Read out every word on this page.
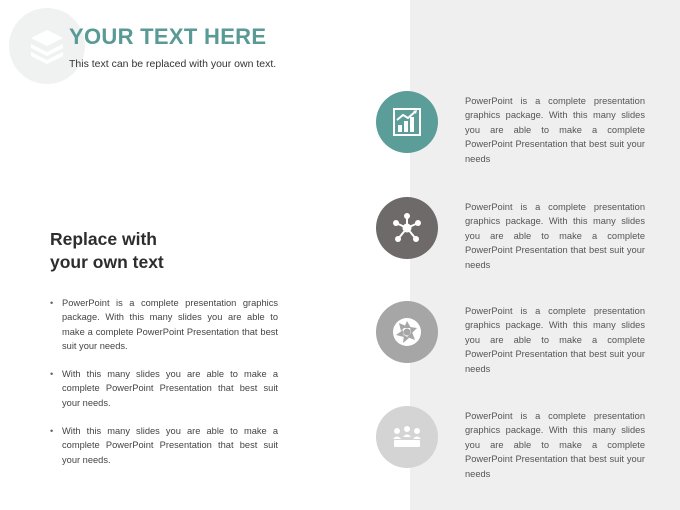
YOUR TEXT HERE
This text can be replaced with your own text.
Replace with
your own text
• PowerPoint is a complete presentation graphics package. With this many slides you are able to make a complete PowerPoint Presentation that best suit your needs.
• With this many slides you are able to make a complete PowerPoint Presentation that best suit your needs.
• With this many slides you are able to make a complete PowerPoint Presentation that best suit your needs.
PowerPoint is a complete presentation graphics package. With this many slides you are able to make a complete PowerPoint Presentation that best suit your needs
PowerPoint is a complete presentation graphics package. With this many slides you are able to make a complete PowerPoint Presentation that best suit your needs
PowerPoint is a complete presentation graphics package. With this many slides you are able to make a complete PowerPoint Presentation that best suit your needs
PowerPoint is a complete presentation graphics package. With this many slides you are able to make a complete PowerPoint Presentation that best suit your needs
